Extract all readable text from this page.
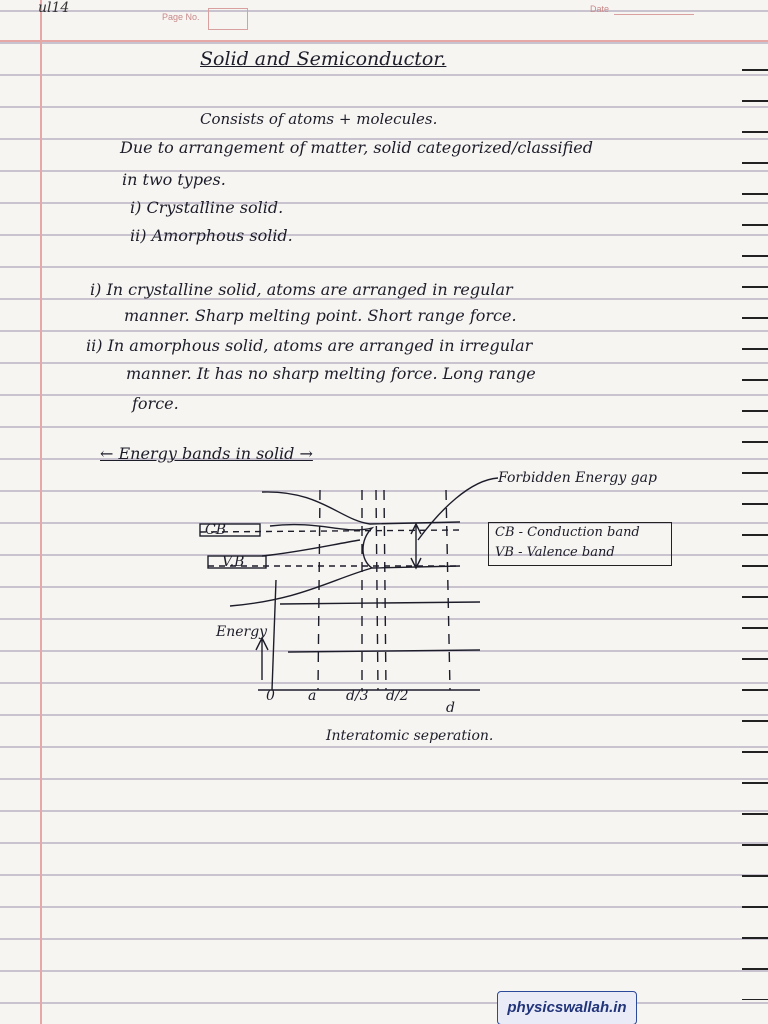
ul14
Page No.
Date
Solid and Semiconductor.
Consists of atoms + molecules.
Due to arrangement of matter, solid categorized/classified
in two types.
i) Crystalline solid.
ii) Amorphous solid.
i) In crystalline solid, atoms are arranged in regular
manner. Sharp melting point. Short range force.
ii) In amorphous solid, atoms are arranged in irregular
manner. It has no sharp melting force. Long range
force.
← Energy bands in solid →
CB
V.B
Forbidden Energy gap
Energy
0 a d/3 d/2
d
Interatomic seperation.
CB - Conduction band
VB - Valence band
physicswallah.in
